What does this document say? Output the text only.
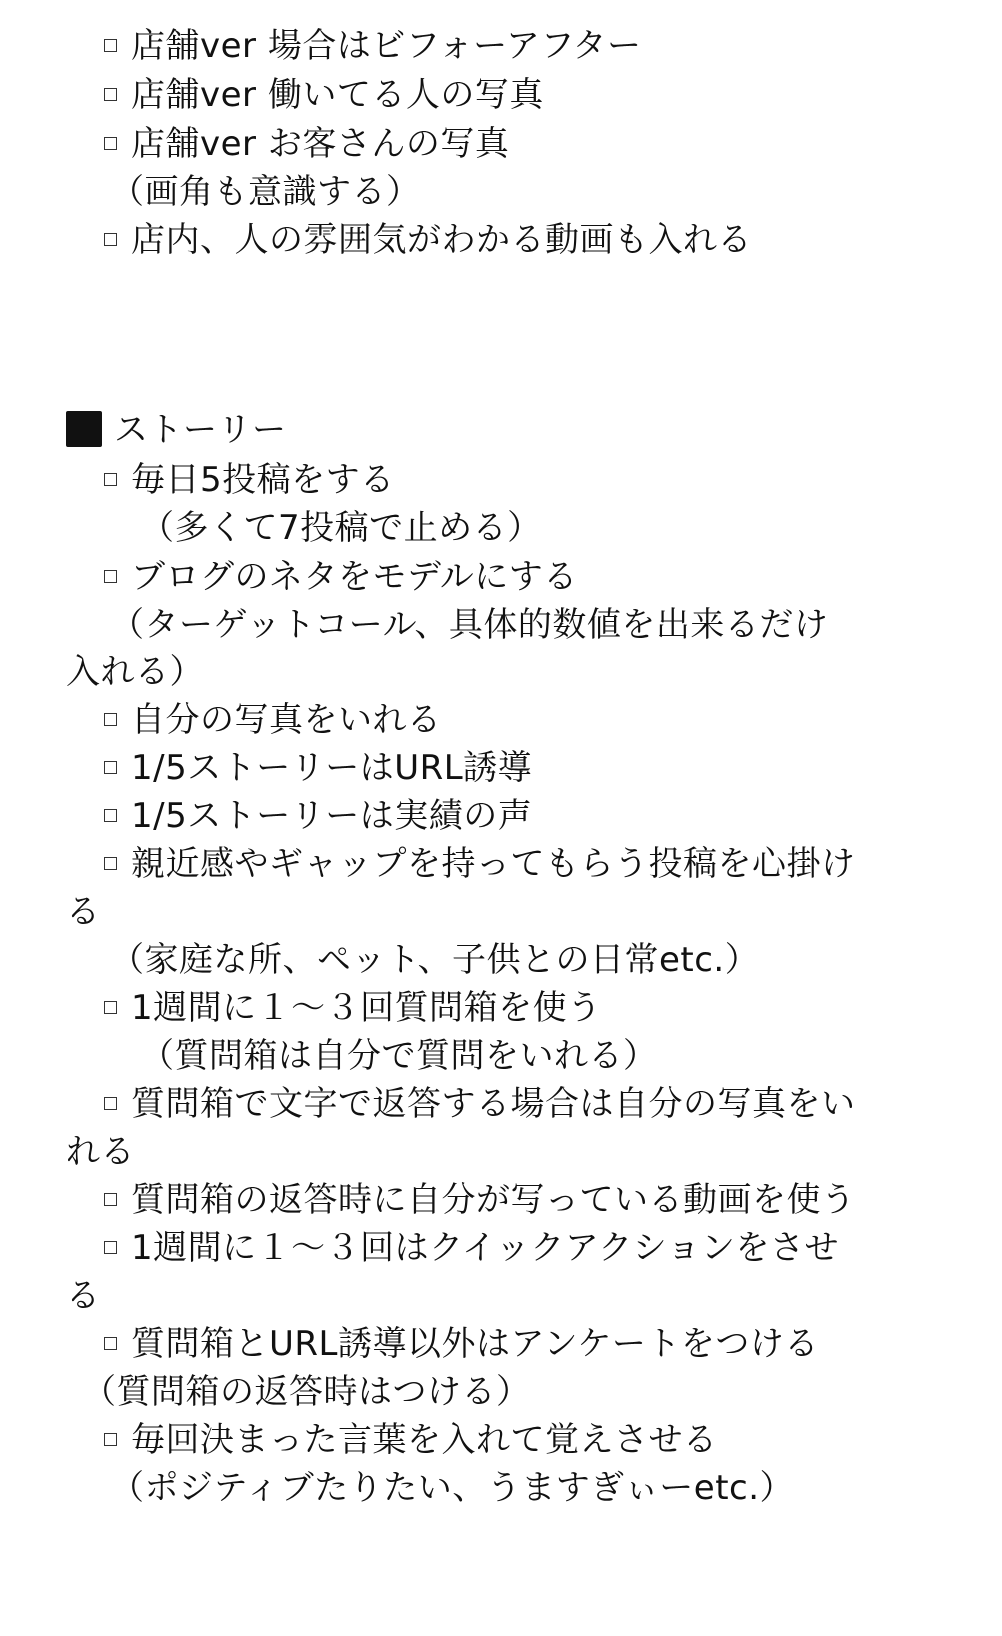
店舗ver 場合はビフォーアフター
店舗ver 働いてる人の写真
店舗ver お客さんの写真
（画角も意識する）
店内、人の雰囲気がわかる動画も入れる
ストーリー
毎日5投稿をする
（多くて7投稿で止める）
ブログのネタをモデルにする
（ターゲットコール、具体的数値を出来るだけ
入れる）
自分の写真をいれる
1/5ストーリーはURL誘導
1/5ストーリーは実績の声
親近感やギャップを持ってもらう投稿を心掛け
る
（家庭な所、ペット、子供との日常etc.）
1週間に１〜３回質問箱を使う
（質問箱は自分で質問をいれる）
質問箱で文字で返答する場合は自分の写真をい
れる
質問箱の返答時に自分が写っている動画を使う
1週間に１〜３回はクイックアクションをさせ
る
質問箱とURL誘導以外はアンケートをつける
（質問箱の返答時はつける）
毎回決まった言葉を入れて覚えさせる
（ポジティブたりたい、うますぎぃーetc.）
